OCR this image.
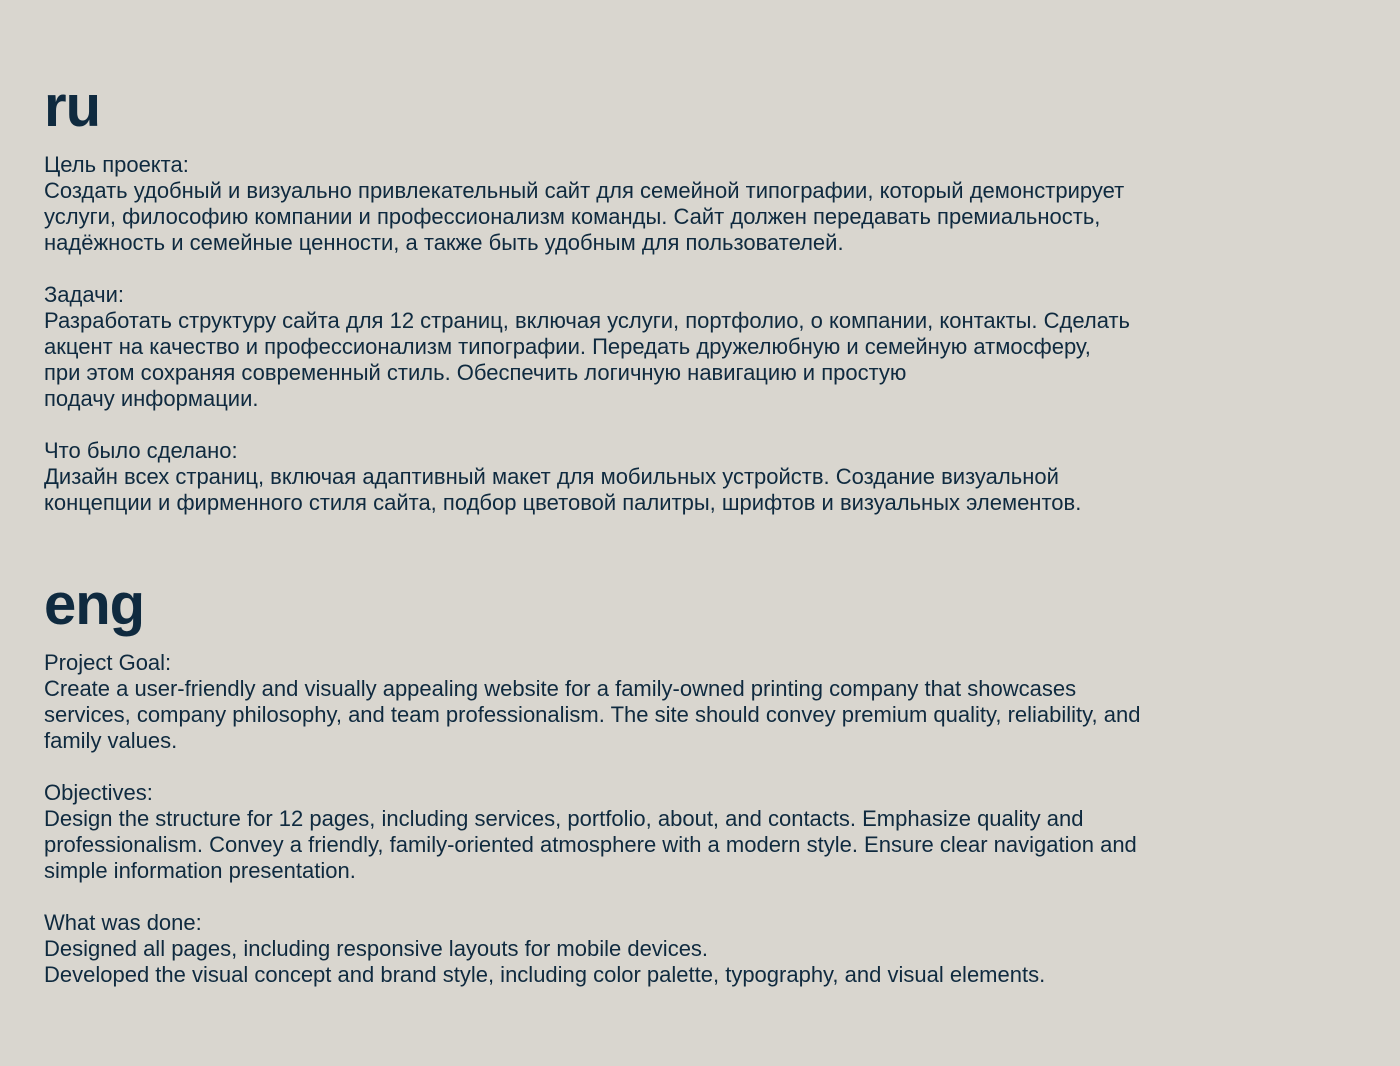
ru

Цель проекта:
Создать удобный и визуально привлекательный сайт для семейной типографии, который демонстрирует
услуги, философию компании и профессионализм команды. Сайт должен передавать премиальность,
надёжность и семейные ценности, а также быть удобным для пользователей.

Задачи:
Разработать структуру сайта для 12 страниц, включая услуги, портфолио, о компании, контакты. Сделать
акцент на качество и профессионализм типографии. Передать дружелюбную и семейную атмосферу,
при этом сохраняя современный стиль. Обеспечить логичную навигацию и простую
подачу информации.

Что было сделано:
Дизайн всех страниц, включая адаптивный макет для мобильных устройств. Создание визуальной
концепции и фирменного стиля сайта, подбор цветовой палитры, шрифтов и визуальных элементов.

eng

Project Goal:
Create a user-friendly and visually appealing website for a family-owned printing company that showcases
services, company philosophy, and team professionalism. The site should convey premium quality, reliability, and
family values.

Objectives:
Design the structure for 12 pages, including services, portfolio, about, and contacts. Emphasize quality and
professionalism. Convey a friendly, family-oriented atmosphere with a modern style. Ensure clear navigation and
simple information presentation.

What was done:
Designed all pages, including responsive layouts for mobile devices.
Developed the visual concept and brand style, including color palette, typography, and visual elements.
